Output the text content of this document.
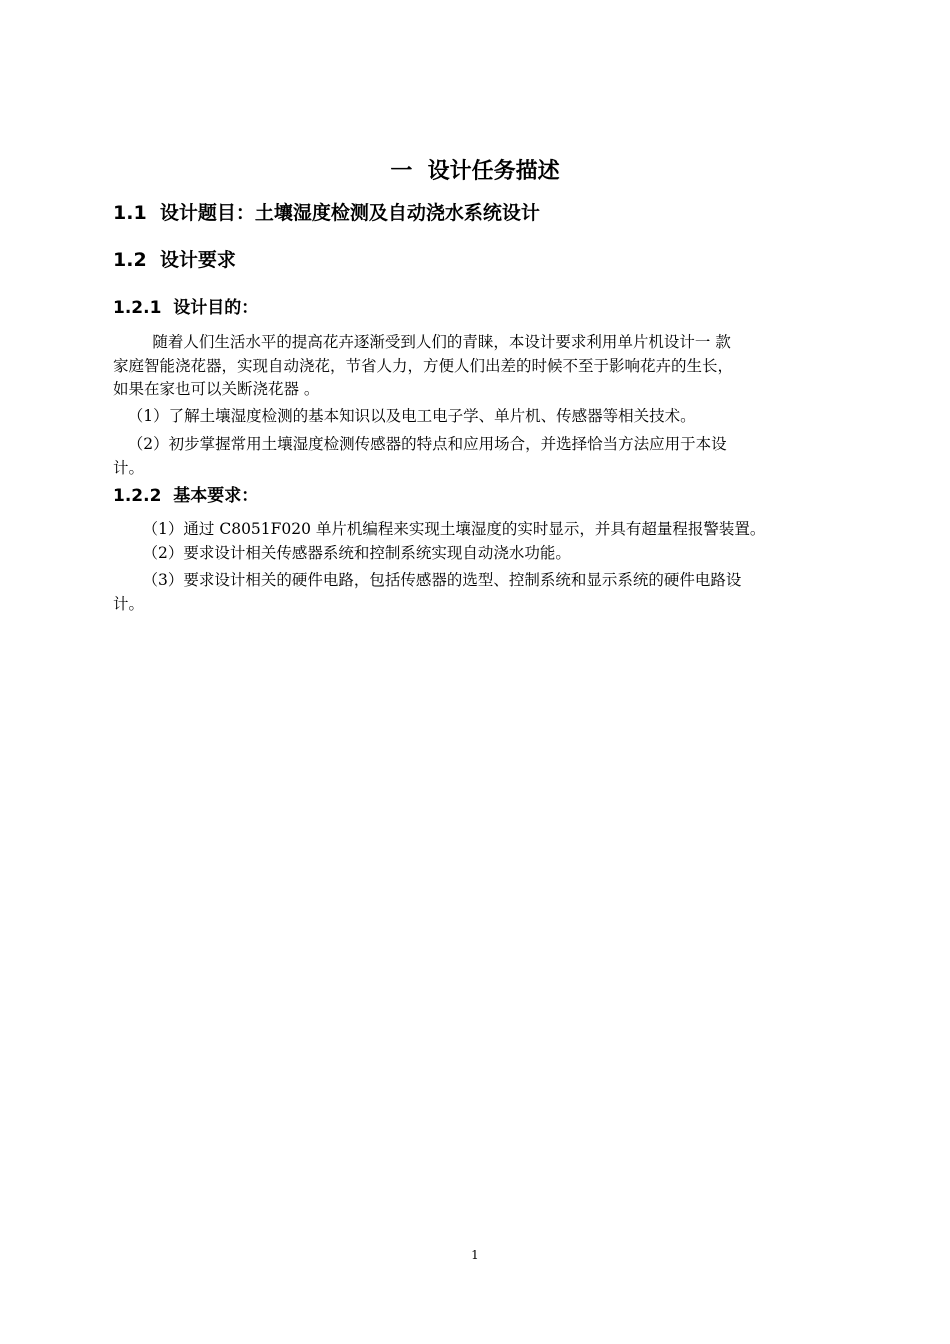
一  设计任务描述
1.1 设计题目：土壤湿度检测及自动浇水系统设计
1.2 设计要求
1.2.1 设计目的：
随着人们生活水平的提高花卉逐渐受到人们的青睐，本设计要求利用单片机设计一 款
家庭智能浇花器，实现自动浇花，节省人力，方便人们出差的时候不至于影响花卉的生长，
如果在家也可以关断浇花器 。
（1）了解土壤湿度检测的基本知识以及电工电子学、单片机、传感器等相关技术。
（2）初步掌握常用土壤湿度检测传感器的特点和应用场合，并选择恰当方法应用于本设
计。
1.2.2 基本要求：
（1）通过 C8051F020 单片机编程来实现土壤湿度的实时显示，并具有超量程报警装置。
（2）要求设计相关传感器系统和控制系统实现自动浇水功能。
（3）要求设计相关的硬件电路，包括传感器的选型、控制系统和显示系统的硬件电路设
计。
1
